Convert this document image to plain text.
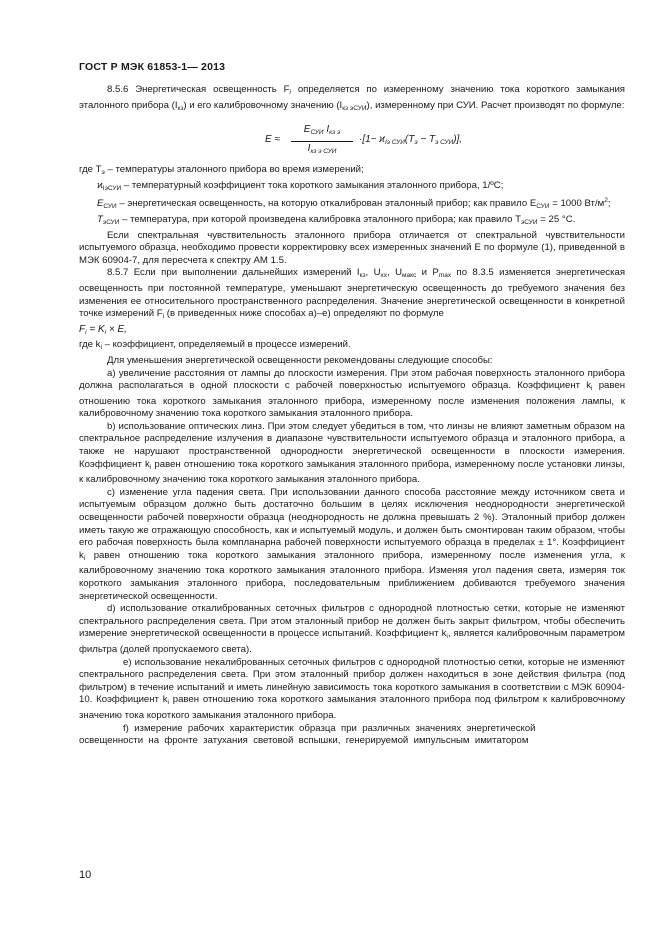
ГОСТ Р МЭК 61853-1— 2013

8.5.6 Энергетическая освещенность $F_i$ определяется по измеренному значению тока короткого замыкания эталонного прибора $(I_{кз})$ и его калибровочному значению $(I_{кз эСУИ})$, измеренному при СУИ. Расчет производят по формуле:

E ≈
$E_{СУИ}$ $I_{кз э}$
$I_{кз э СУИ}$
$\cdot[1- ϰ_{Iэ СУИ}(T_э - T_{э СУИ})]$,

где $T_э$ – температуры эталонного прибора во время измерений;

$ϰ_{IэСУИ}$ – температурный коэффициент тока короткого замыкания эталонного прибора, 1/ºC;

$E_{СУИ}$ – энергетическая освещенность, на которую откалиброван эталонный прибор; как правило $E_{СУИ} = 1000$ $Вт/м^2$;

$T_{эСУИ}$ – температура, при которой произведена калибровка эталонного прибора; как правило $T_{эСУИ} = 25$ °C.

Если спектральная чувствительность эталонного прибора отличается от спектральной чувствительности испытуемого образца, необходимо провести корректировку всех измеренных значений E по формуле (1), приведенной в МЭК 60904-7, для пересчета к спектру AM 1.5.

8.5.7 Если при выполнении дальнейших измерений $I_{кз}$, $U_{хх}$, $U_{макс}$ и $P_{max}$ по 8.3.5 изменяется энергетическая освещенность при постоянной температуре, уменьшают энергетическую освещенность до требуемого значения без изменения ее относительного пространственного распределения. Значение энергетической освещенности в конкретной точке измерений $F_i$ (в приведенных ниже способах а)–е) определяют по формуле

$F_i = K_i \times E$,

где $k_i$ – коэффициент, определяемый в процессе измерений.

Для уменьшения энергетической освещенности рекомендованы следующие способы:

а) увеличение расстояния от лампы до плоскости измерения. При этом рабочая поверхность эталонного прибора должна располагаться в одной плоскости с рабочей поверхностью испытуемого образца. Коэффициент $k_i$ равен отношению тока короткого замыкания эталонного прибора, измеренному после изменения положения лампы, к калибровочному значению тока короткого замыкания эталонного прибора.

b) использование оптических линз. При этом следует убедиться в том, что линзы не влияют заметным образом на спектральное распределение излучения в диапазоне чувствительности испытуемого образца и эталонного прибора, а также не нарушают пространственной однородности энергетической освещенности в плоскости измерения. Коэффициент $k_i$ равен отношению тока короткого замыкания эталонного прибора, измеренному после установки линзы, к калибровочному значению тока короткого замыкания эталонного прибора.

с) изменение угла падения света. При использовании данного способа расстояние между источником света и испытуемым образцом должно быть достаточно большим в целях исключения неоднородности энергетической освещенности рабочей поверхности образца (неоднородность не должна превышать 2 %). Эталонный прибор должен иметь такую же отражающую способность, как и испытуемый модуль, и должен быть смонтирован таким образом, чтобы его рабочая поверхность была компланарна рабочей поверхности испытуемого образца в пределах ± 1°. Коэффициент $k_i$ равен отношению тока короткого замыкания эталонного прибора, измеренному после изменения угла, к калибровочному значению тока короткого замыкания эталонного прибора. Изменяя угол падения света, измеряя ток короткого замыкания эталонного прибора, последовательным приближением добиваются требуемого значения энергетической освещенности.

d) использование откалиброванных сеточных фильтров с однородной плотностью сетки, которые не изменяют спектрального распределения света. При этом эталонный прибор не должен быть закрыт фильтром, чтобы обеспечить измерение энергетической освещенности в процессе испытаний. Коэффициент $k_i$, является калибровочным параметром фильтра (долей пропускаемого света).

е) использование некалиброванных сеточных фильтров с однородной плотностью сетки, которые не изменяют спектрального распределения света. При этом эталонный прибор должен находиться в зоне действия фильтра (под фильтром) в течение испытаний и иметь линейную зависимость тока короткого замыкания в соответствии с МЭК 60904-10. Коэффициент $k_i$ равен отношению тока короткого замыкания эталонного прибора под фильтром к калибровочному значению тока короткого замыкания эталонного прибора.

f)  измерение  рабочих  характеристик  образца  при  различных  значениях  энергетической

освещенности  на  фронте  затухания  световой  вспышки,  генерируемой  импульсным  имитатором

10
